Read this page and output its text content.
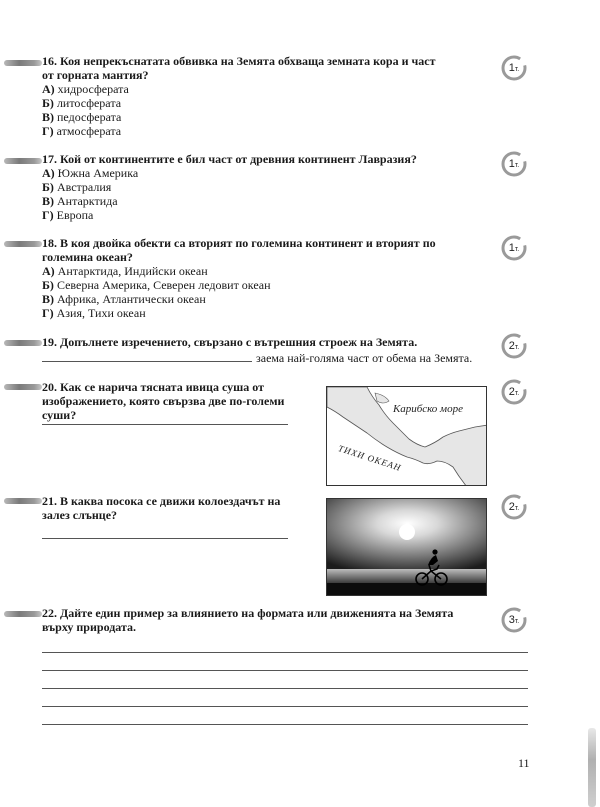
16. Коя непрекъснатата обвивка на Земята обхваща земната кора и част от горната мантия?
А) хидросферата
Б) литосферата
В) педосферата
Г) атмосферата
1т.
17. Кой от континентите е бил част от древния континент Лавразия?
А) Южна Америка
Б) Австралия
В) Антарктида
Г) Европа
1т.
18. В коя двойка обекти са вторият по големина континент и вторият по големина океан?
А) Антарктида, Индийски океан
Б) Северна Америка, Северен ледовит океан
В) Африка, Атлантически океан
Г) Азия, Тихи океан
1т.
19. Допълнете изречението, свързано с вътрешния строеж на Земята.
заема най-голяма част от обема на Земята.
2т.
20. Как се нарича тясната ивица суша от изображението, която свързва две по-големи суши?	Карибско море
ТИХИ ОКЕАН
2т.
21. В каква посока се движи колоездачът на залез слънце?
2т.
22. Дайте един пример за влиянието на формата или движенията на Земята върху природата.	3т.
11
